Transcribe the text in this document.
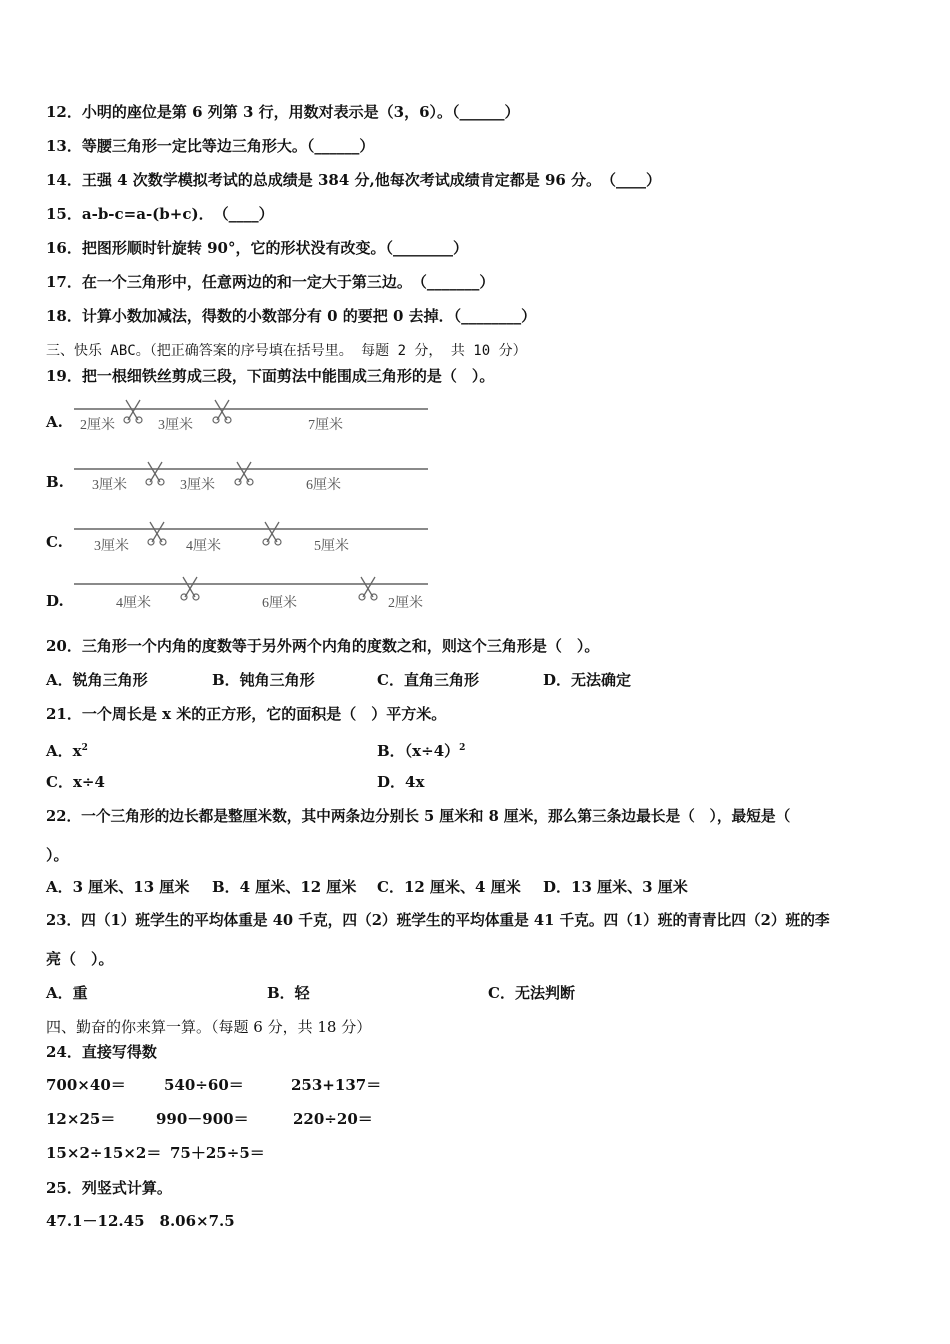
12．小明的座位是第 6 列第 3 行，用数对表示是（3，6）。（______）
13．等腰三角形一定比等边三角形大。（______）
14．王强 4 次数学模拟考试的总成绩是 384 分,他每次考试成绩肯定都是 96 分。　（____）
15．a-b-c=a-(b+c)．　（____）
16．把图形顺时针旋转 90°，它的形状没有改变。（________）
17．在一个三角形中，任意两边的和一定大于第三边。　（_______）
18．计算小数加减法，得数的小数部分有 0 的要把 0 去掉．（________）
三、快乐 ABC。（把正确答案的序号填在括号里。 每题 2 分， 共 10 分）
19．把一根细铁丝剪成三段，下面剪法中能围成三角形的是（　）。
A. 2厘米	3厘米	7厘米
B. 3厘米	3厘米	6厘米
C. 3厘米	4厘米	5厘米
D.	4厘米	6厘米	2厘米
20．三角形一个内角的度数等于另外两个内角的度数之和，则这个三角形是（　）。
A．锐角三角形	B．钝角三角形	C．直角三角形	D．无法确定
21．一个周长是 x 米的正方形，它的面积是（　）平方米。
A．$x^2$	B．$(x\div 4)^2$
C．x÷4	D．4x
22．一个三角形的边长都是整厘米数，其中两条边分别长 5 厘米和 8 厘米，那么第三条边最长是（　），最短是（
）。
A．3 厘米、13 厘米 B．4 厘米、12 厘米 C．12 厘米、4 厘米 D．13 厘米、3 厘米
23．四（1）班学生的平均体重是 40 千克，四（2）班学生的平均体重是 41 千克。四（1）班的青青比四（2）班的李
亮（　）。
A．重	B．轻	C．无法判断
四、勤奋的你来算一算。（每题 6 分，共 18 分）
24．直接写得数
700×40＝	540÷60＝	253+137＝
12×25＝	990－900＝	220÷20＝
15×2÷15×2＝ 75＋25÷5＝
25．列竖式计算。
47.1－12.45　8.06×7.5
